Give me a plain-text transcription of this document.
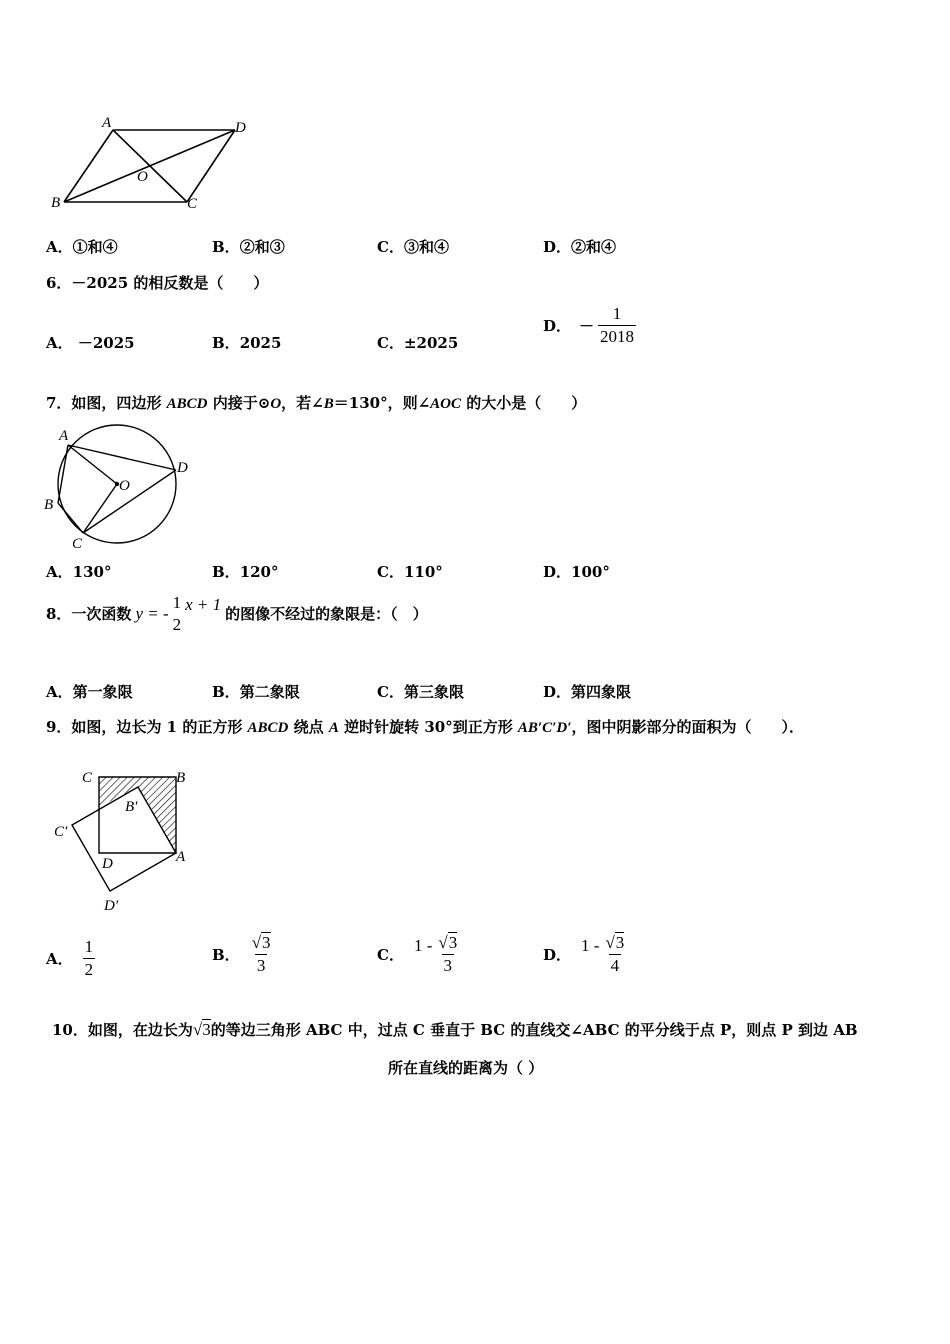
A	D
B	C
O
A．①和④	B．②和③	C．③和④	D．②和④
6．－2025 的相反数是（　　）
A． －2025	B．2025	C．±2025
D． － $\frac{1}{2018}$
7．如图，四边形 ABCD 内接于⊙O，若∠B＝130°，则∠AOC 的大小是（　　）
A
D
B
C
O
A．130°	B．120°	C．110°	D．100°
8．一次函数 y = -
1
2
x + 1
的图像不经过的象限是：（　）
A．第一象限	B．第二象限	C．第三象限	D．第四象限
9．如图，边长为 1 的正方形 ABCD 绕点 A 逆时针旋转 30°到正方形 AB′C′D′，图中阴影部分的面积为（　　）．
C	B
B′
C′
D	A
D′
A． $\frac{1}{2}$	B． $\frac{√3}{3}$	C． $1 - \frac{√3}{3}$	D． $1 - \frac{√3}{4}$
10．如图，在边长为√3的等边三角形 ABC 中，过点 C 垂直于 BC 的直线交∠ABC 的平分线于点 P，则点 P 到边 AB
所在直线的距离为（ ）
